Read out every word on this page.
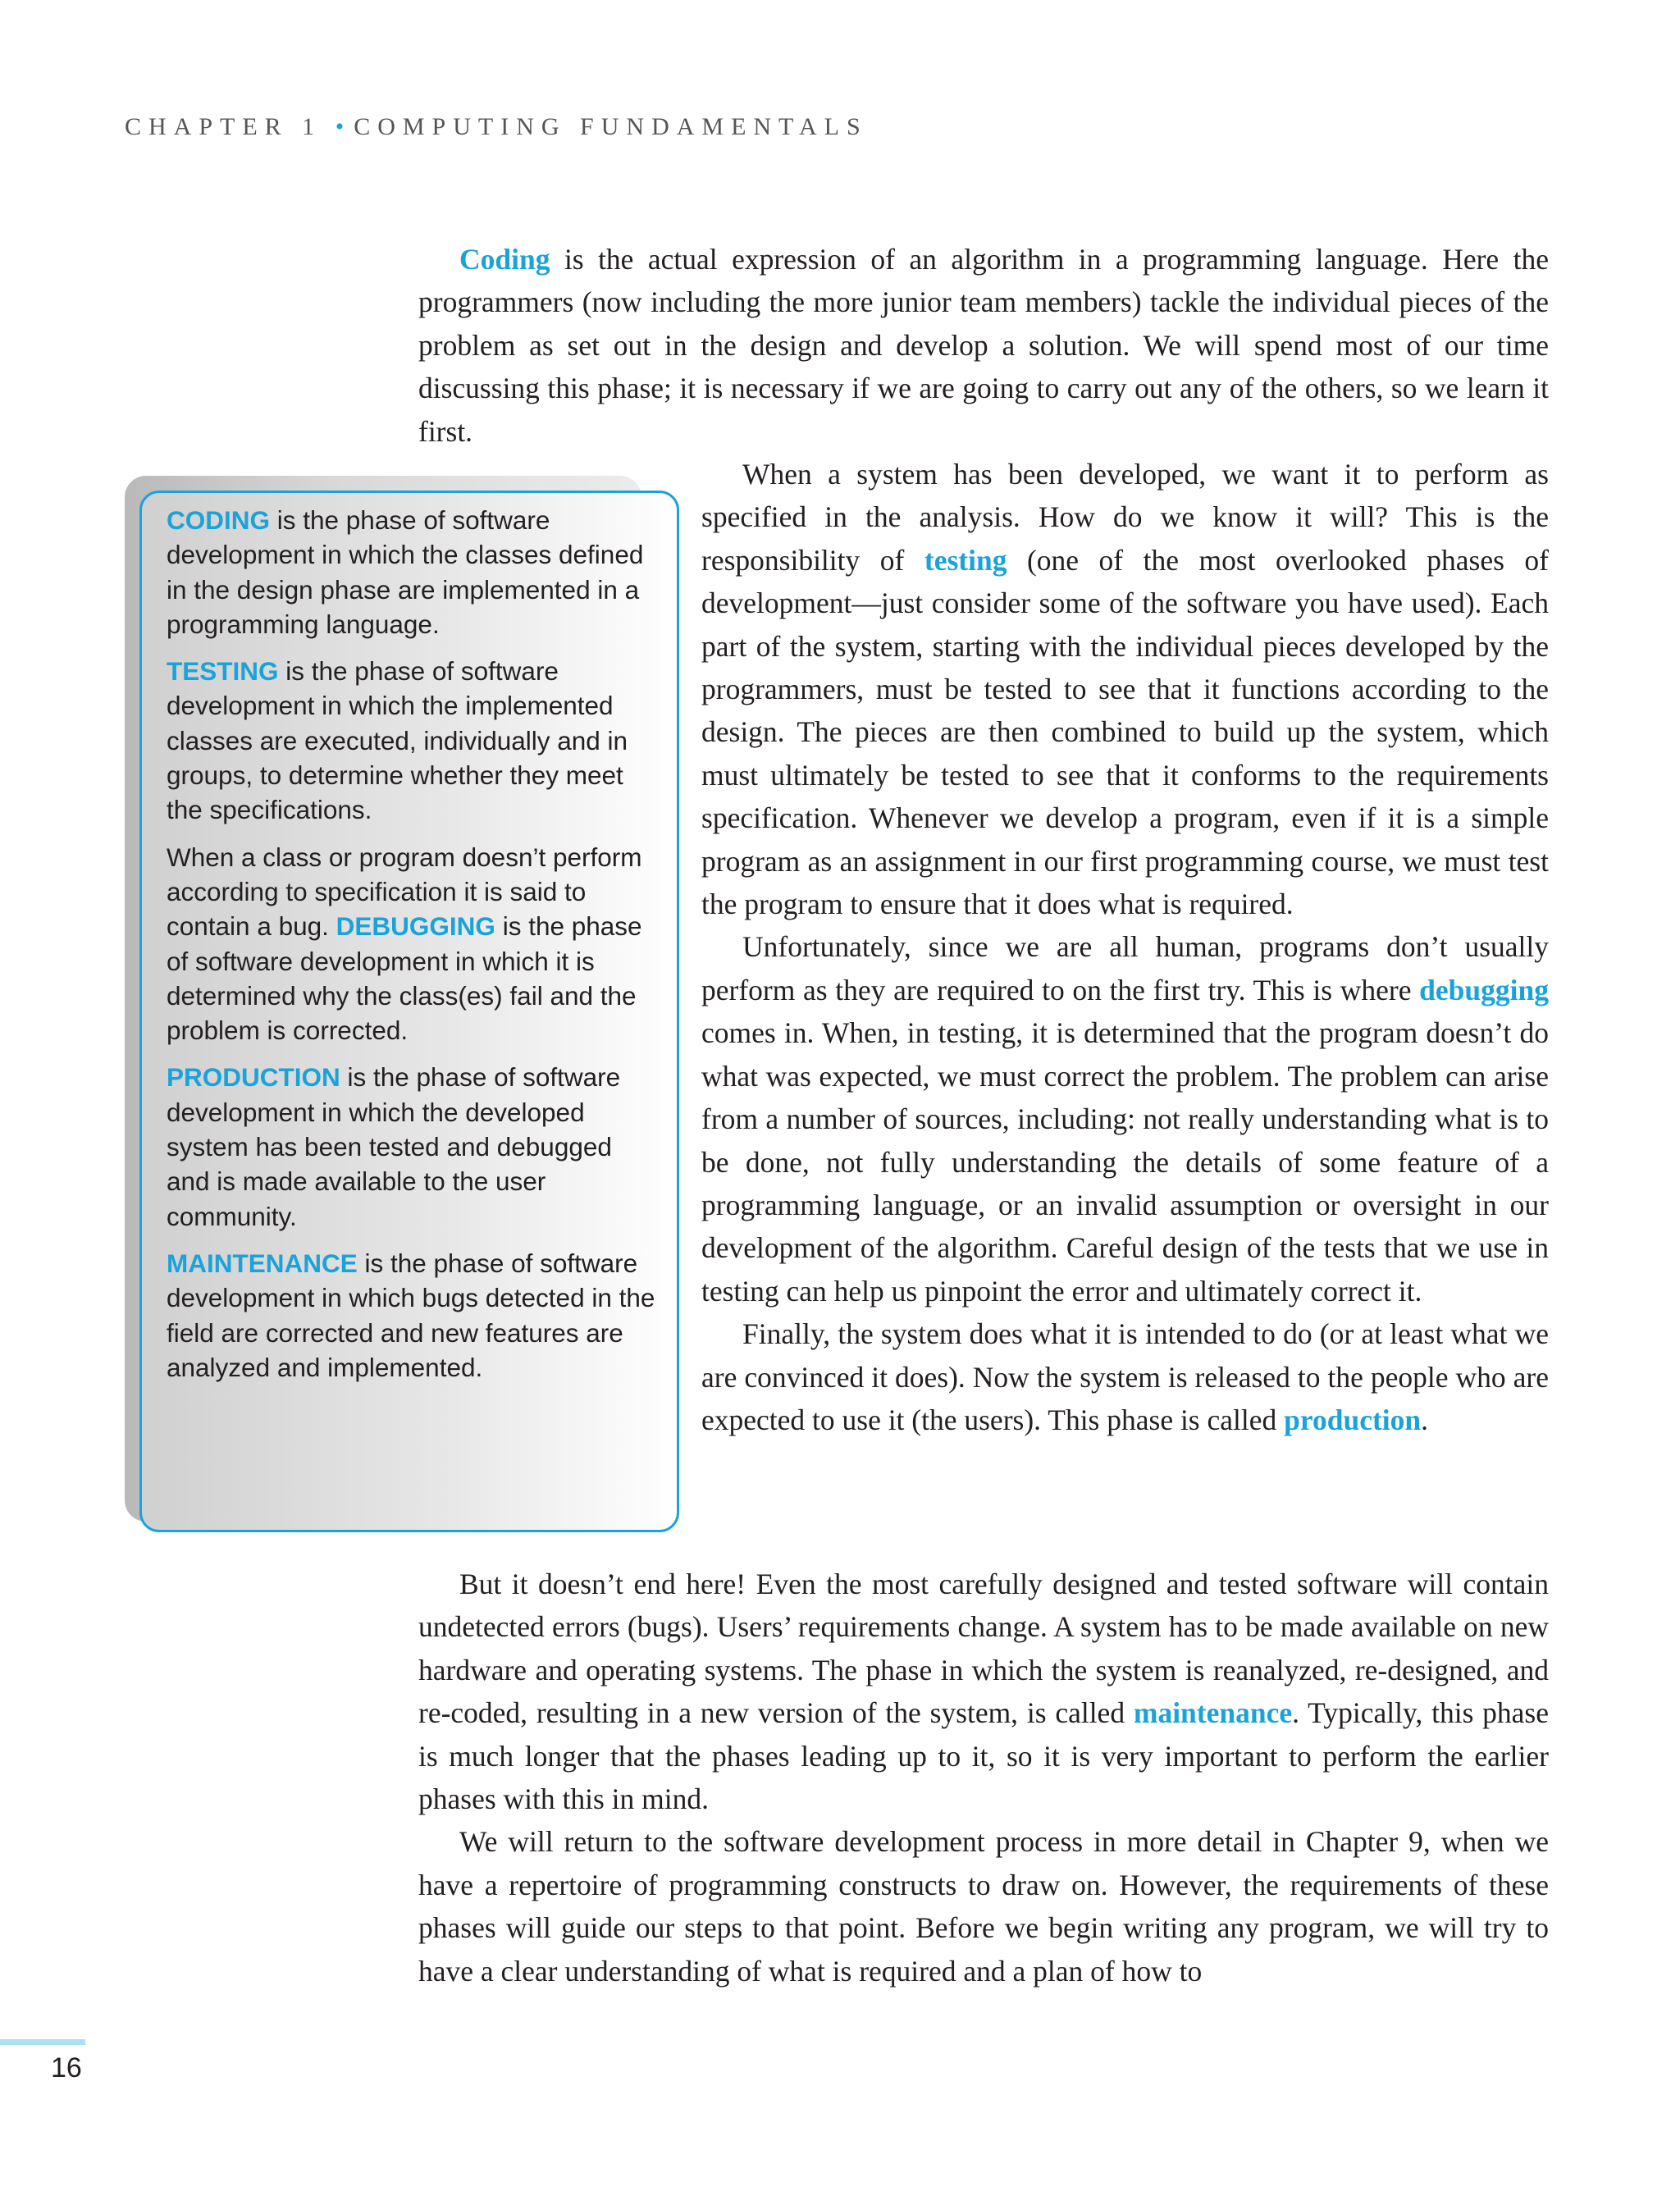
CHAPTER 1 • COMPUTING FUNDAMENTALS

Coding is the actual expression of an algorithm in a programming language. Here the programmers (now including the more junior team members) tackle the individual pieces of the problem as set out in the design and develop a solution. We will spend most of our time discussing this phase; it is necessary if we are going to carry out any of the others, so we learn it first.

CODING is the phase of software development in which the classes defined in the design phase are implemented in a programming language.

TESTING is the phase of software development in which the implemented classes are executed, individually and in groups, to determine whether they meet the specifications.

When a class or program doesn’t perform according to specification it is said to contain a bug. DEBUGGING is the phase of software development in which it is determined why the class(es) fail and the problem is corrected.

PRODUCTION is the phase of software development in which the developed system has been tested and debugged and is made available to the user community.

MAINTENANCE is the phase of software development in which bugs detected in the field are corrected and new features are analyzed and implemented.

When a system has been developed, we want it to perform as specified in the analysis. How do we know it will? This is the responsibility of testing (one of the most overlooked phases of development—just consider some of the software you have used). Each part of the system, starting with the individual pieces developed by the programmers, must be tested to see that it functions according to the design. The pieces are then combined to build up the system, which must ultimately be tested to see that it conforms to the requirements specification. Whenever we develop a program, even if it is a simple program as an assignment in our first programming course, we must test the program to ensure that it does what is required.

Unfortunately, since we are all human, programs don’t usually perform as they are required to on the first try. This is where debugging comes in. When, in testing, it is determined that the program doesn’t do what was expected, we must correct the problem. The problem can arise from a number of sources, including: not really understanding what is to be done, not fully understanding the details of some feature of a programming language, or an invalid assumption or oversight in our development of the algorithm. Careful design of the tests that we use in testing can help us pinpoint the error and ultimately correct it.

Finally, the system does what it is intended to do (or at least what we are convinced it does). Now the system is released to the people who are expected to use it (the users). This phase is called production.

But it doesn’t end here! Even the most carefully designed and tested software will contain undetected errors (bugs). Users’ requirements change. A system has to be made available on new hardware and operating systems. The phase in which the system is reanalyzed, re-designed, and re-coded, resulting in a new version of the system, is called maintenance. Typically, this phase is much longer that the phases leading up to it, so it is very important to perform the earlier phases with this in mind.

We will return to the software development process in more detail in Chapter 9, when we have a repertoire of programming constructs to draw on. However, the requirements of these phases will guide our steps to that point. Before we begin writing any program, we will try to have a clear understanding of what is required and a plan of how to

16
